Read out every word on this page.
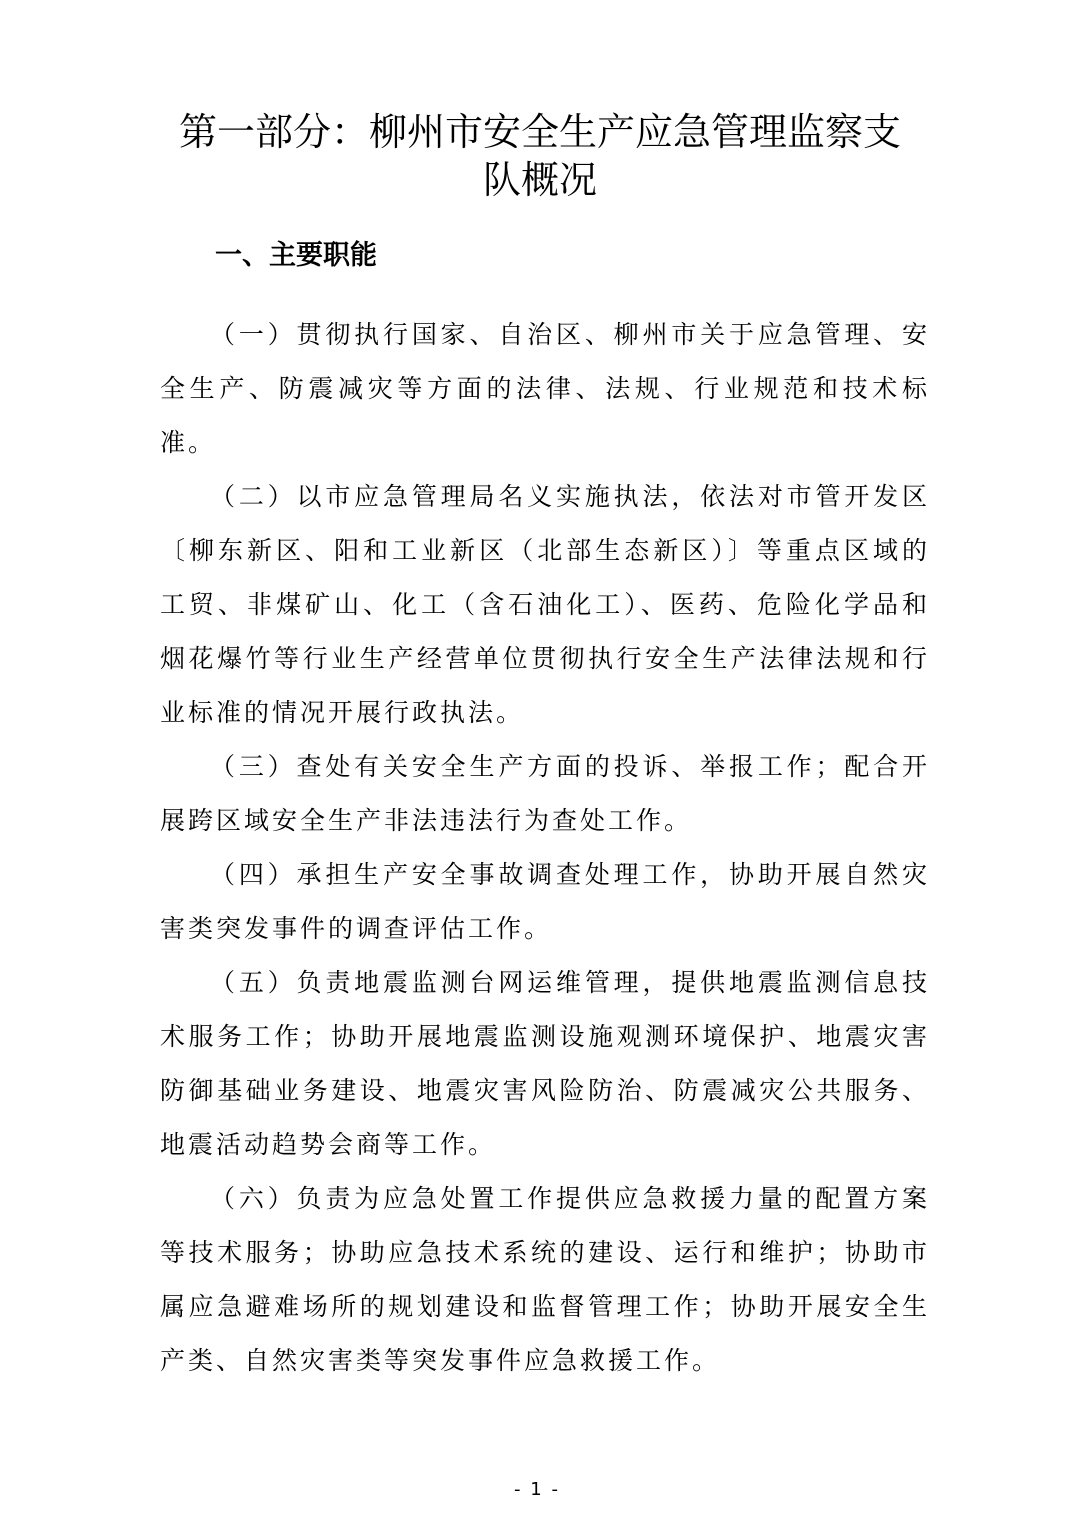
第一部分：柳州市安全生产应急管理监察支
队概况
一、主要职能

（一）贯彻执行国家、自治区、柳州市关于应急管理、安全生产、防震减灾等方面的法律、法规、行业规范和技术标准。

（二）以市应急管理局名义实施执法，依法对市管开发区〔柳东新区、阳和工业新区（北部生态新区）〕等重点区域的工贸、非煤矿山、化工（含石油化工）、医药、危险化学品和烟花爆竹等行业生产经营单位贯彻执行安全生产法律法规和行业标准的情况开展行政执法。

（三）查处有关安全生产方面的投诉、举报工作；配合开展跨区域安全生产非法违法行为查处工作。

（四）承担生产安全事故调查处理工作，协助开展自然灾害类突发事件的调查评估工作。

（五）负责地震监测台网运维管理，提供地震监测信息技术服务工作；协助开展地震监测设施观测环境保护、地震灾害防御基础业务建设、地震灾害风险防治、防震减灾公共服务、地震活动趋势会商等工作。

（六）负责为应急处置工作提供应急救援力量的配置方案等技术服务；协助应急技术系统的建设、运行和维护；协助市属应急避难场所的规划建设和监督管理工作；协助开展安全生产类、自然灾害类等突发事件应急救援工作。

- 1 -
